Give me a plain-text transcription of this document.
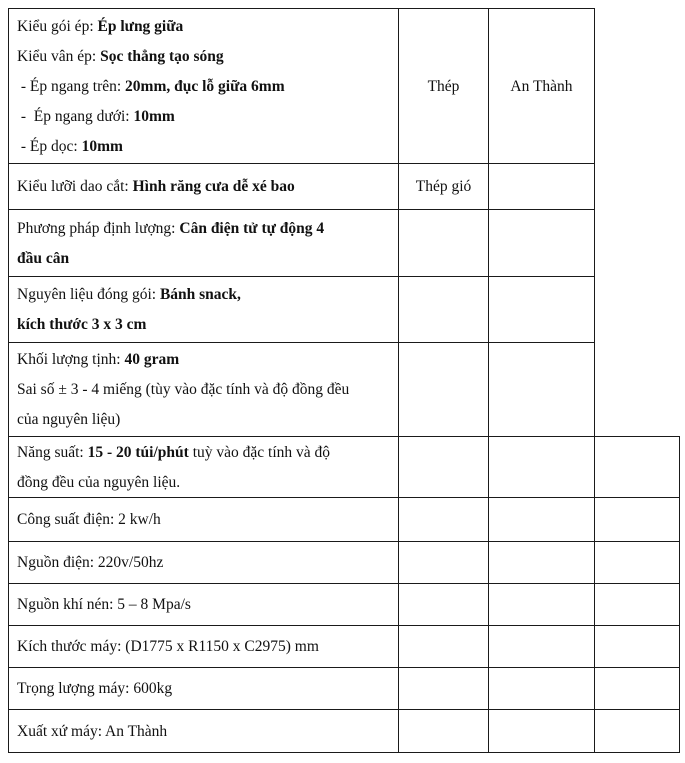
Kiểu gói ép: Ép lưng giữa
Kiểu vân ép: Sọc thẳng tạo sóng
- Ép ngang trên: 20mm, đục lỗ giữa 6mm
-  Ép ngang dưới: 10mm
- Ép dọc: 10mm
Thép	An Thành
Kiểu lưỡi dao cắt: Hình răng cưa dễ xé bao	Thép gió
Phương pháp định lượng: Cân điện tử tự động 4
đầu cân
Nguyên liệu đóng gói: Bánh snack,
kích thước 3 x 3 cm
Khối lượng tịnh: 40 gram
Sai số ± 3 - 4 miếng (tùy vào đặc tính và độ đồng đều
của nguyên liệu)
Năng suất: 15 - 20 túi/phút tuỳ vào đặc tính và độ
đồng đều của nguyên liệu.
Công suất điện: 2 kw/h
Nguồn điện: 220v/50hz
Nguồn khí nén: 5 – 8 Mpa/s
Kích thước máy: (D1775 x R1150 x C2975) mm
Trọng lượng máy: 600kg
Xuất xứ máy: An Thành
